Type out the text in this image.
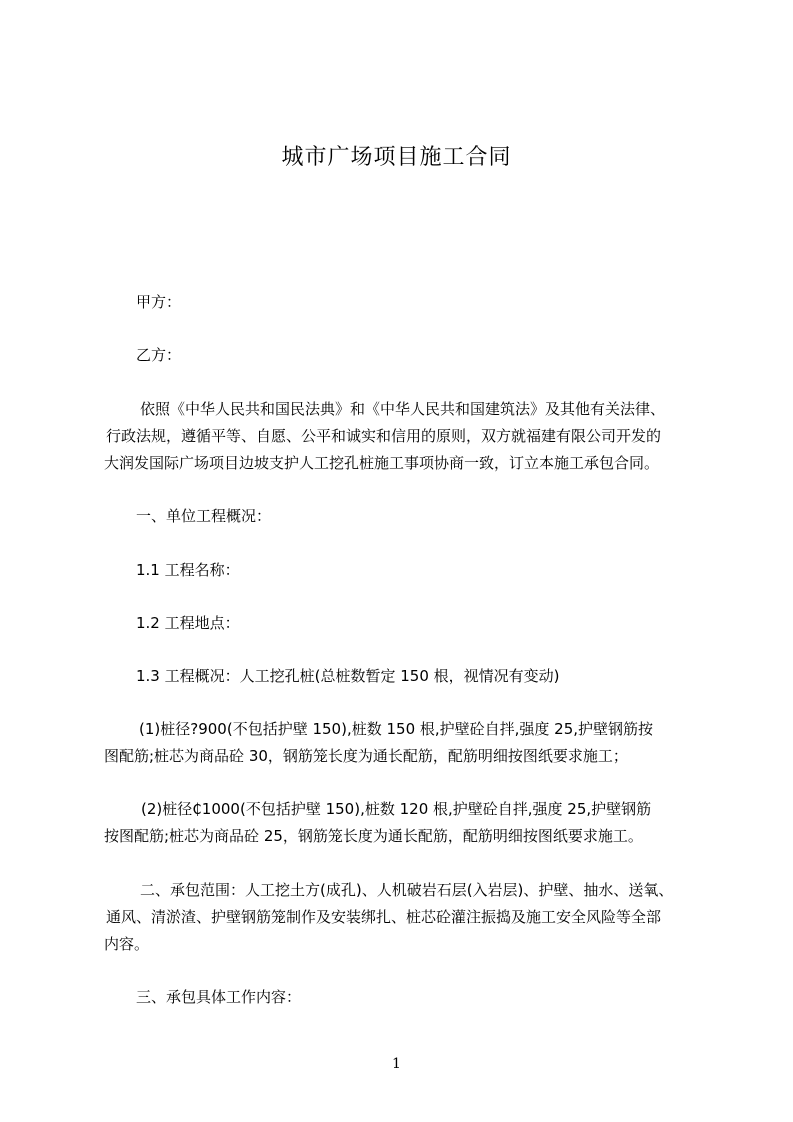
城市广场项目施工合同
甲方：
乙方：
依照《中华人民共和国民法典》和《中华人民共和国建筑法》及其他有关法律、
行政法规，遵循平等、自愿、公平和诚实和信用的原则，双方就福建有限公司开发的
大润发国际广场项目边坡支护人工挖孔桩施工事项协商一致，订立本施工承包合同。
一、单位工程概况：
1.1 工程名称：
1.2 工程地点：
1.3 工程概况：人工挖孔桩(总桩数暂定 150 根，视情况有变动)
(1)桩径?900(不包括护壁 150),桩数 150 根,护壁砼自拌,强度 25,护壁钢筋按
图配筋;桩芯为商品砼 30，钢筋笼长度为通长配筋，配筋明细按图纸要求施工；
(2)桩径₵1000(不包括护壁 150),桩数 120 根,护壁砼自拌,强度 25,护壁钢筋
按图配筋;桩芯为商品砼 25，钢筋笼长度为通长配筋，配筋明细按图纸要求施工。
二、承包范围：人工挖土方(成孔)、人机破岩石层(入岩层)、护壁、抽水、送氧、
通风、清淤渣、护壁钢筋笼制作及安装绑扎、桩芯砼灌注振捣及施工安全风险等全部
内容。
三、承包具体工作内容：
1
